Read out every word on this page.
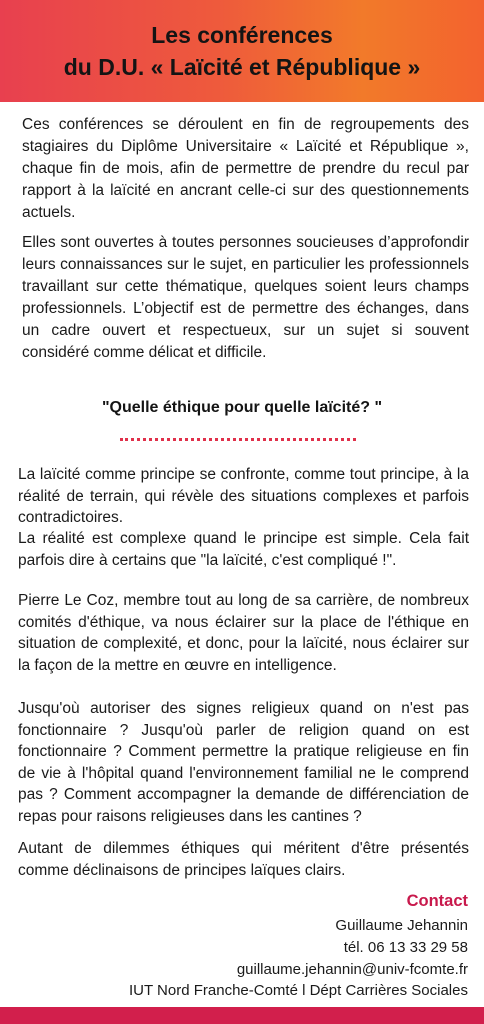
Les conférences
du D.U. « Laïcité et République »

Ces conférences se déroulent en fin de regroupements des stagiaires du Diplôme Universitaire « Laïcité et République », chaque fin de mois, afin de permettre de prendre du recul par rapport à la laïcité en ancrant celle-ci sur des questionnements actuels.

Elles sont ouvertes à toutes personnes soucieuses d’approfondir leurs connaissances sur le sujet, en particulier les professionnels travaillant sur cette thématique, quelques soient leurs champs professionnels. L’objectif est de permettre des échanges, dans un cadre ouvert et respectueux, sur un sujet si souvent considéré comme délicat et difficile.

"Quelle éthique pour quelle laïcité? "

La laïcité comme principe se confronte, comme tout principe, à la réalité de terrain, qui révèle des situations complexes et parfois contradictoires.

La réalité est complexe quand le principe est simple. Cela fait parfois dire à certains que "la laïcité, c'est compliqué !".

Pierre Le Coz, membre tout au long de sa carrière, de nombreux comités d'éthique, va nous éclairer sur la place de l'éthique en situation de complexité, et donc, pour la laïcité, nous éclairer sur la façon de la mettre en œuvre en intelligence.

Jusqu'où autoriser des signes religieux quand on n'est pas fonctionnaire ? Jusqu'où parler de religion quand on est fonctionnaire ? Comment permettre la pratique religieuse en fin de vie à l'hôpital quand l'environnement familial ne le comprend pas ? Comment accompagner la demande de différenciation de repas pour raisons religieuses dans les cantines ?

Autant de dilemmes éthiques qui méritent d'être présentés comme déclinaisons de principes laïques clairs.

Contact
Guillaume Jehannin
tél. 06 13 33 29 58
guillaume.jehannin@univ-fcomte.fr
IUT Nord Franche-Comté l Dépt Carrières Sociales
